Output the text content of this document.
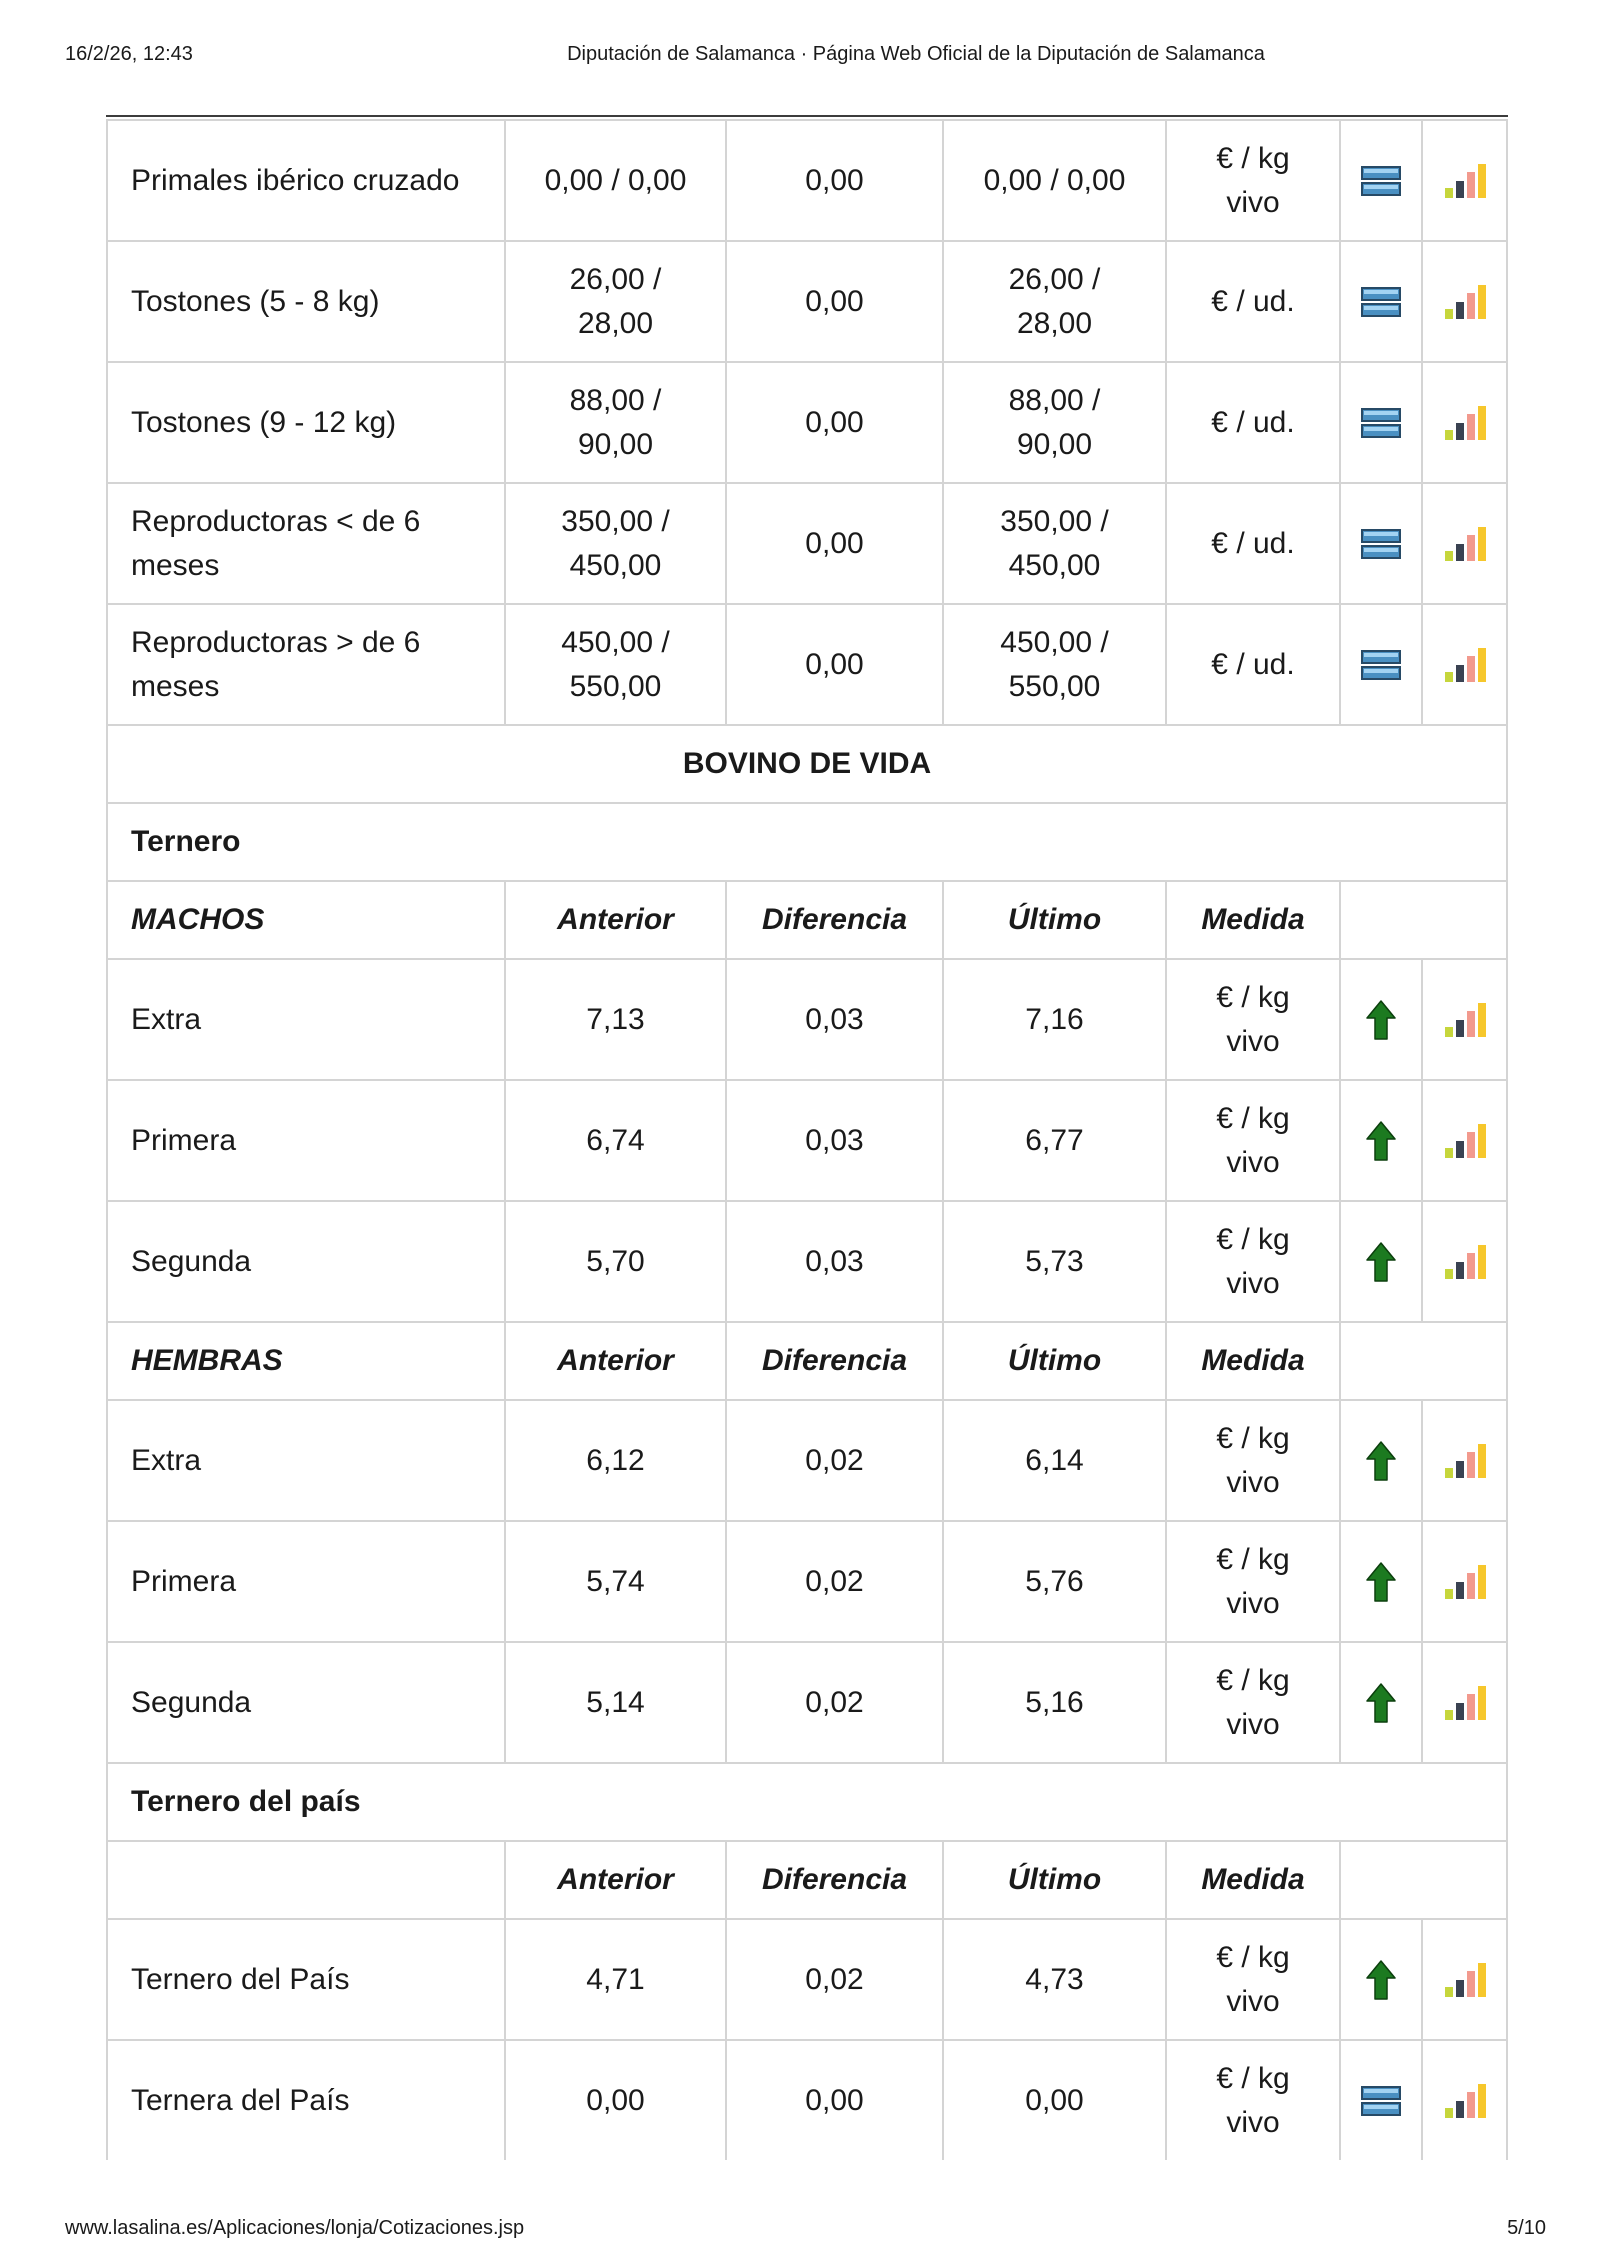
16/2/26, 12:43	Diputación de Salamanca · Página Web Oficial de la Diputación de Salamanca
Primales ibérico cruzado	0,00 / 0,00	0,00	0,00 / 0,00	€ / kg vivo	

Tostones (5 - 8 kg)	26,00 / 28,00	0,00	26,00 / 28,00	€ / ud.	

Tostones (9 - 12 kg)	88,00 / 90,00	0,00	88,00 / 90,00	€ / ud.	

Reproductoras < de 6 meses	350,00 / 450,00	0,00	350,00 / 450,00	€ / ud.	

Reproductoras > de 6 meses	450,00 / 550,00	0,00	450,00 / 550,00	€ / ud.	

BOVINO DE VIDA						
Ternero						
MACHOS	Anterior	Diferencia	Último	Medida		
Extra	7,13	0,03	7,16	€ / kg vivo	

Primera	6,74	0,03	6,77	€ / kg vivo	

Segunda	5,70	0,03	5,73	€ / kg vivo	

HEMBRAS	Anterior	Diferencia	Último	Medida		
Extra	6,12	0,02	6,14	€ / kg vivo	

Primera	5,74	0,02	5,76	€ / kg vivo	

Segunda	5,14	0,02	5,16	€ / kg vivo	

Ternero del país						
	Anterior	Diferencia	Último	Medida		
Ternero del País	4,71	0,02	4,73	€ / kg vivo	

Ternera del País	0,00	0,00	0,00	€ / kg vivo	

www.lasalina.es/Aplicaciones/lonja/Cotizaciones.jsp	5/10
